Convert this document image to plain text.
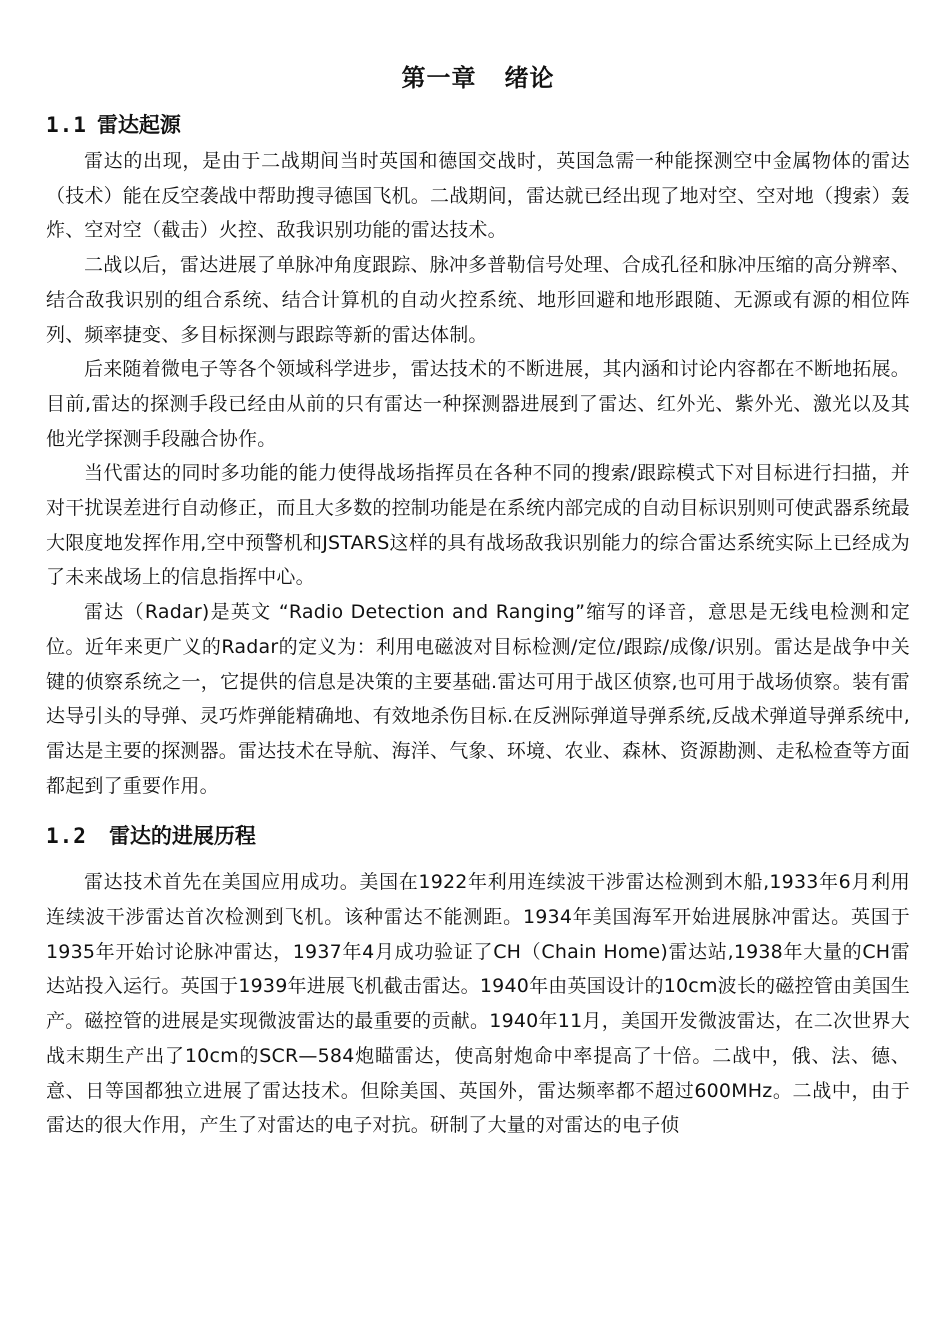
第一章 绪论
1.1 雷达起源

雷达的出现，是由于二战期间当时英国和德国交战时，英国急需一种能探测空中金属物体的雷达（技术）能在反空袭战中帮助搜寻德国飞机。二战期间，雷达就已经出现了地对空、空对地（搜索）轰炸、空对空（截击）火控、敌我识别功能的雷达技术。

二战以后，雷达进展了单脉冲角度跟踪、脉冲多普勒信号处理、合成孔径和脉冲压缩的高分辨率、结合敌我识别的组合系统、结合计算机的自动火控系统、地形回避和地形跟随、无源或有源的相位阵列、频率捷变、多目标探测与跟踪等新的雷达体制。

后来随着微电子等各个领域科学进步，雷达技术的不断进展，其内涵和讨论内容都在不断地拓展。目前,雷达的探测手段已经由从前的只有雷达一种探测器进展到了雷达、红外光、紫外光、激光以及其他光学探测手段融合协作。

当代雷达的同时多功能的能力使得战场指挥员在各种不同的搜索/跟踪模式下对目标进行扫描，并对干扰误差进行自动修正，而且大多数的控制功能是在系统内部完成的自动目标识别则可使武器系统最大限度地发挥作用,空中预警机和JSTARS这样的具有战场敌我识别能力的综合雷达系统实际上已经成为了未来战场上的信息指挥中心。

雷达（Radar)是英文 “Radio Detection and Ranging”缩写的译音，意思是无线电检测和定位。近年来更广义的Radar的定义为：利用电磁波对目标检测/定位/跟踪/成像/识别。雷达是战争中关键的侦察系统之一，它提供的信息是决策的主要基础.雷达可用于战区侦察,也可用于战场侦察。装有雷达导引头的导弹、灵巧炸弹能精确地、有效地杀伤目标.在反洲际弹道导弹系统,反战术弹道导弹系统中,雷达是主要的探测器。雷达技术在导航、海洋、气象、环境、农业、森林、资源勘测、走私检查等方面都起到了重要作用。

1.2 雷达的进展历程

雷达技术首先在美国应用成功。美国在1922年利用连续波干涉雷达检测到木船,1933年6月利用连续波干涉雷达首次检测到飞机。该种雷达不能测距。1934年美国海军开始进展脉冲雷达。英国于1935年开始讨论脉冲雷达，1937年4月成功验证了CH（Chain Home)雷达站,1938年大量的CH雷达站投入运行。英国于1939年进展飞机截击雷达。1940年由英国设计的10cm波长的磁控管由美国生产。磁控管的进展是实现微波雷达的最重要的贡献。1940年11月，美国开发微波雷达，在二次世界大战末期生产出了10cm的SCR—584炮瞄雷达，使高射炮命中率提高了十倍。二战中，俄、法、德、意、日等国都独立进展了雷达技术。但除美国、英国外，雷达频率都不超过600MHz。二战中，由于雷达的很大作用，产生了对雷达的电子对抗。研制了大量的对雷达的电子侦
